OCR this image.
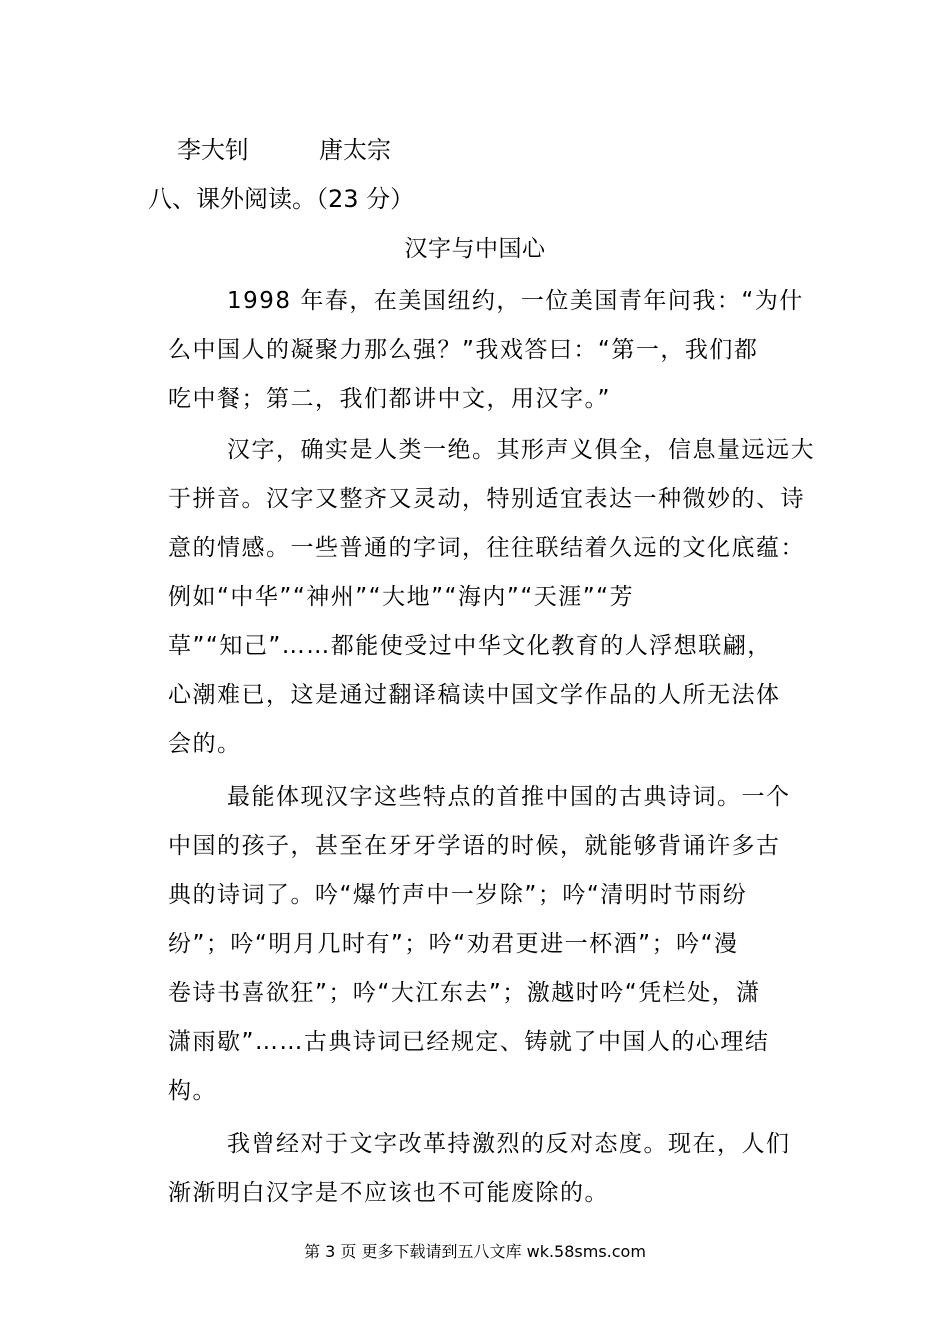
李大钊	唐太宗
八、课外阅读。（23 分）
汉字与中国心
1998 年春，在美国纽约，一位美国青年问我：“为什
么中国人的凝聚力那么强？”我戏答曰：“第一，我们都
吃中餐；第二，我们都讲中文，用汉字。”
汉字，确实是人类一绝。其形声义俱全，信息量远远大
于拼音。汉字又整齐又灵动，特别适宜表达一种微妙的、诗
意的情感。一些普通的字词，往往联结着久远的文化底蕴：
例如“中华”“神州”“大地”“海内”“天涯”“芳
草”“知己”……都能使受过中华文化教育的人浮想联翩，
心潮难已，这是通过翻译稿读中国文学作品的人所无法体
会的。
最能体现汉字这些特点的首推中国的古典诗词。一个
中国的孩子，甚至在牙牙学语的时候，就能够背诵许多古
典的诗词了。吟“爆竹声中一岁除”；吟“清明时节雨纷
纷”；吟“明月几时有”；吟“劝君更进一杯酒”；吟“漫
卷诗书喜欲狂”；吟“大江东去”；激越时吟“凭栏处，潇
潇雨歇”……古典诗词已经规定、铸就了中国人的心理结
构。
我曾经对于文字改革持激烈的反对态度。现在，人们
渐渐明白汉字是不应该也不可能废除的。
第 3 页 更多下载请到五八文库 wk.58sms.com
